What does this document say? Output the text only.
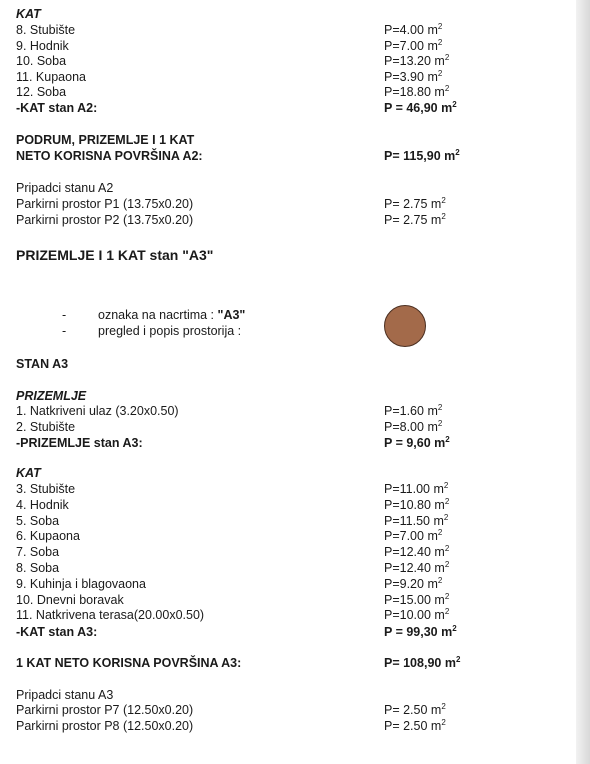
KAT
8. Stubište	P=4.00 $m^2$
9. Hodnik	P=7.00 $m^2$
10. Soba	P=13.20 $m^2$
11. Kupaona	P=3.90 $m^2$
12. Soba	P=18.80 $m^2$
-KAT stan A2:	P = 46,90 $m^2$
PODRUM, PRIZEMLJE I 1 KAT
NETO KORISNA POVRŠINA A2:	P= 115,90 $m^2$
Pripadci stanu A2
Parkirni prostor P1 (13.75x0.20)	P= 2.75 $m^2$
Parkirni prostor P2 (13.75x0.20)	P= 2.75 $m^2$
PRIZEMLJE I 1 KAT stan "A3"
-	oznaka na nacrtima : "A3"
-	pregled i popis prostorija :
STAN A3
PRIZEMLJE
1. Natkriveni ulaz (3.20x0.50)	P=1.60 $m^2$
2. Stubište	P=8.00 $m^2$
-PRIZEMLJE stan A3:	P = 9,60 $m^2$
KAT
3. Stubište	P=11.00 $m^2$
4. Hodnik	P=10.80 $m^2$
5. Soba	P=11.50 $m^2$
6. Kupaona	P=7.00 $m^2$
7. Soba	P=12.40 $m^2$
8. Soba	P=12.40 $m^2$
9. Kuhinja i blagovaona	P=9.20 $m^2$
10. Dnevni boravak	P=15.00 $m^2$
11. Natkrivena terasa(20.00x0.50)	P=10.00 $m^2$
-KAT stan A3:	P = 99,30 $m^2$
1 KAT NETO KORISNA POVRŠINA A3:	P= 108,90 $m^2$
Pripadci stanu A3
Parkirni prostor P7 (12.50x0.20)	P= 2.50 $m^2$
Parkirni prostor P8 (12.50x0.20)	P= 2.50 $m^2$
